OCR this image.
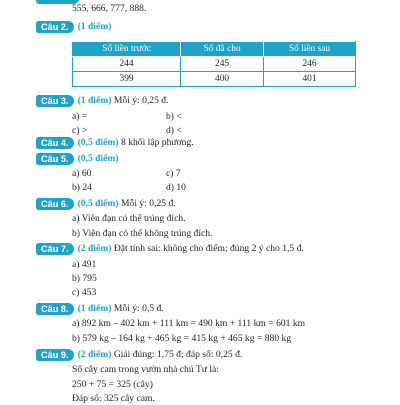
555, 666, 777, 888.
Câu 2. (1 điểm)
Số liền trước	Số đã cho	Số liền sau
244	245	246
399	400	401
Câu 3. (1 điểm) Mỗi ý: 0,25 đ.
a) =	b) <
c) >	d) <
Câu 4. (0,5 điểm) 8 khối lập phương.
Câu 5. (0,5 điểm)
a) 60	c) 7
b) 24	d) 10
Câu 6. (0,5 điểm) Mỗi ý: 0,25 đ.
a) Viên đạn có thể trúng đích.
b) Viên đạn có thể không trúng đích.
Câu 7. (2 điểm) Đặt tính sai: không cho điểm; đúng 2 ý cho 1,5 đ.
a) 491
b) 795
c) 453
Câu 8. (1 điểm) Mỗi ý: 0,5 đ.
a) 892 km – 402 km + 111 km = 490 km + 111 km = 601 km
b) 579 kg – 164 kg + 465 kg = 415 kg + 465 kg = 880 kg
Câu 9. (2 điểm) Giải đúng: 1,75 đ; đáp số: 0,25 đ.
Số cây cam trong vườn nhà chú Tư là:
250 + 75 = 325 (cây)
Đáp số: 325 cây cam.
